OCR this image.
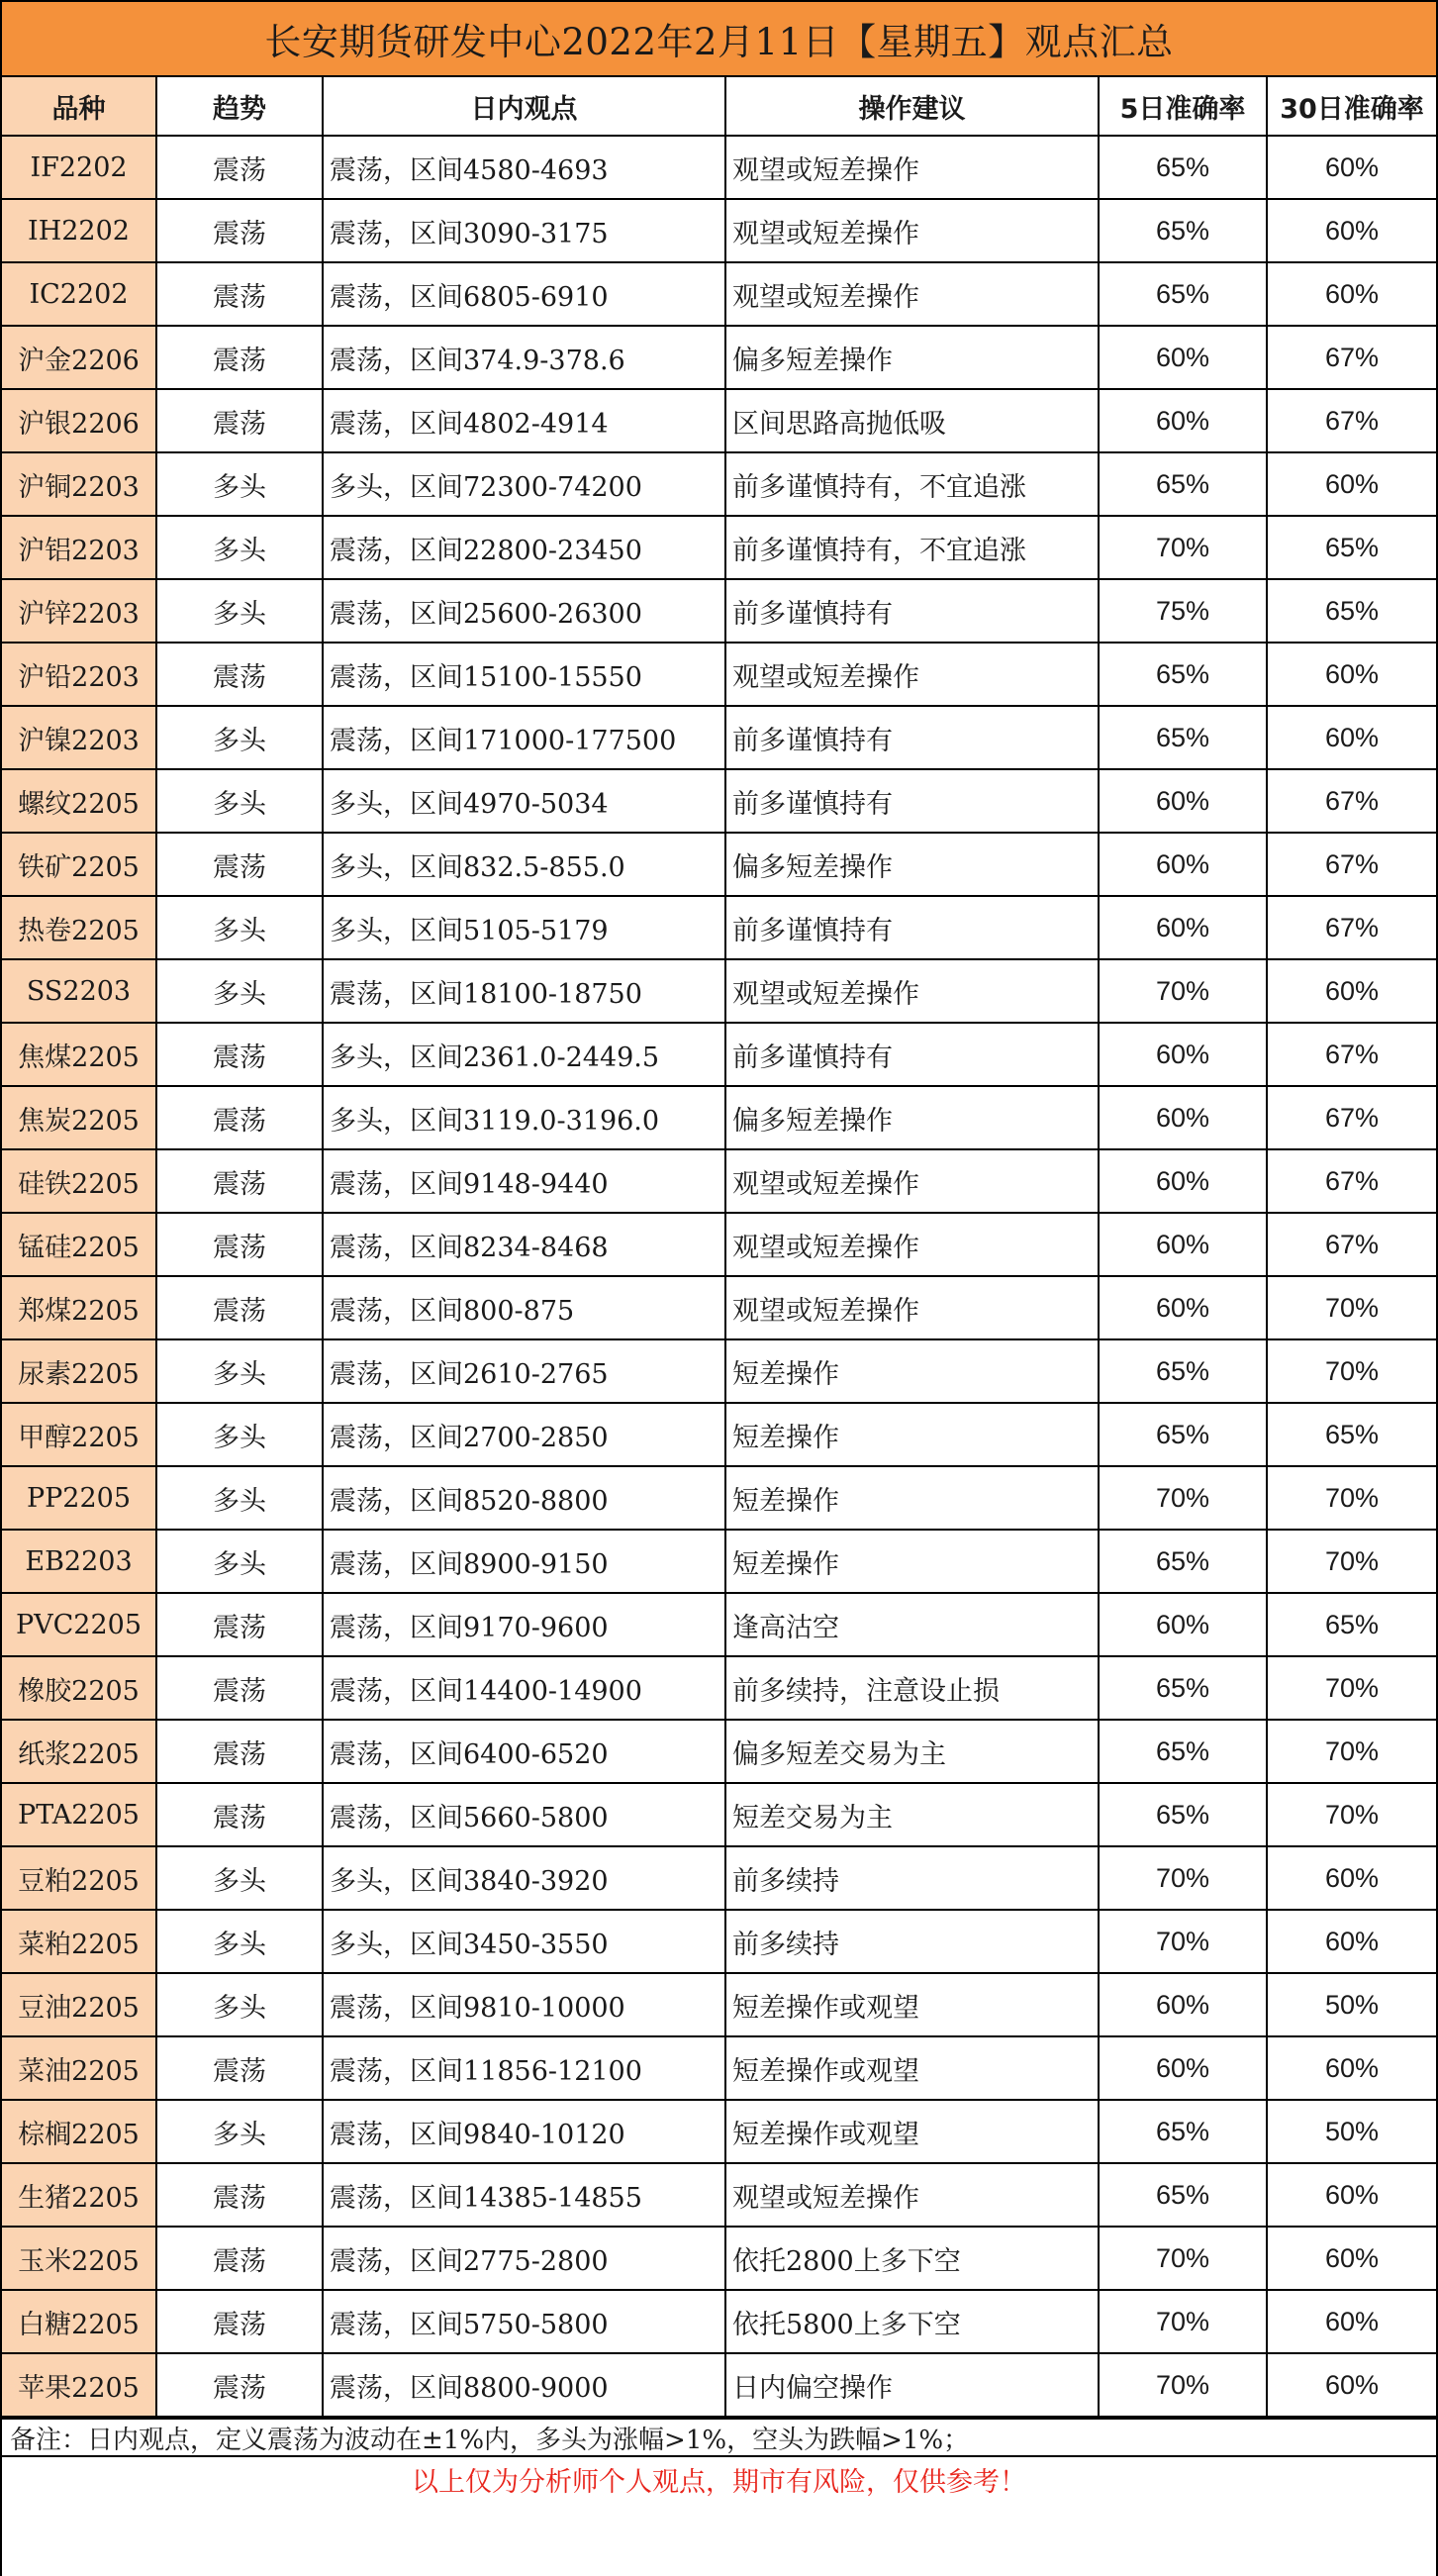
长安期货研发中心2022年2月11日【星期五】观点汇总
品种	趋势	日内观点	操作建议	5日准确率	30日准确率
IF2202	震荡	震荡，区间4580-4693	观望或短差操作	65%	60%
IH2202	震荡	震荡，区间3090-3175	观望或短差操作	65%	60%
IC2202	震荡	震荡，区间6805-6910	观望或短差操作	65%	60%
沪金2206	震荡	震荡，区间374.9-378.6	偏多短差操作	60%	67%
沪银2206	震荡	震荡，区间4802-4914	区间思路高抛低吸	60%	67%
沪铜2203	多头	多头，区间72300-74200	前多谨慎持有，不宜追涨	65%	60%
沪铝2203	多头	震荡，区间22800-23450	前多谨慎持有，不宜追涨	70%	65%
沪锌2203	多头	震荡，区间25600-26300	前多谨慎持有	75%	65%
沪铅2203	震荡	震荡，区间15100-15550	观望或短差操作	65%	60%
沪镍2203	多头	震荡，区间171000-177500	前多谨慎持有	65%	60%
螺纹2205	多头	多头，区间4970-5034	前多谨慎持有	60%	67%
铁矿2205	震荡	多头，区间832.5-855.0	偏多短差操作	60%	67%
热卷2205	多头	多头，区间5105-5179	前多谨慎持有	60%	67%
SS2203	多头	震荡，区间18100-18750	观望或短差操作	70%	60%
焦煤2205	震荡	多头，区间2361.0-2449.5	前多谨慎持有	60%	67%
焦炭2205	震荡	多头，区间3119.0-3196.0	偏多短差操作	60%	67%
硅铁2205	震荡	震荡，区间9148-9440	观望或短差操作	60%	67%
锰硅2205	震荡	震荡，区间8234-8468	观望或短差操作	60%	67%
郑煤2205	震荡	震荡，区间800-875	观望或短差操作	60%	70%
尿素2205	多头	震荡，区间2610-2765	短差操作	65%	70%
甲醇2205	多头	震荡，区间2700-2850	短差操作	65%	65%
PP2205	多头	震荡，区间8520-8800	短差操作	70%	70%
EB2203	多头	震荡，区间8900-9150	短差操作	65%	70%
PVC2205	震荡	震荡，区间9170-9600	逢高沽空	60%	65%
橡胶2205	震荡	震荡，区间14400-14900	前多续持，注意设止损	65%	70%
纸浆2205	震荡	震荡，区间6400-6520	偏多短差交易为主	65%	70%
PTA2205	震荡	震荡，区间5660-5800	短差交易为主	65%	70%
豆粕2205	多头	多头，区间3840-3920	前多续持	70%	60%
菜粕2205	多头	多头，区间3450-3550	前多续持	70%	60%
豆油2205	多头	震荡，区间9810-10000	短差操作或观望	60%	50%
菜油2205	震荡	震荡，区间11856-12100	短差操作或观望	60%	60%
棕榈2205	多头	震荡，区间9840-10120	短差操作或观望	65%	50%
生猪2205	震荡	震荡，区间14385-14855	观望或短差操作	65%	60%
玉米2205	震荡	震荡，区间2775-2800	依托2800上多下空	70%	60%
白糖2205	震荡	震荡，区间5750-5800	依托5800上多下空	70%	60%
苹果2205	震荡	震荡，区间8800-9000	日内偏空操作	70%	60%
备注：日内观点，定义震荡为波动在±1%内，多头为涨幅>1%，空头为跌幅>1%；
以上仅为分析师个人观点，期市有风险，仅供参考！
